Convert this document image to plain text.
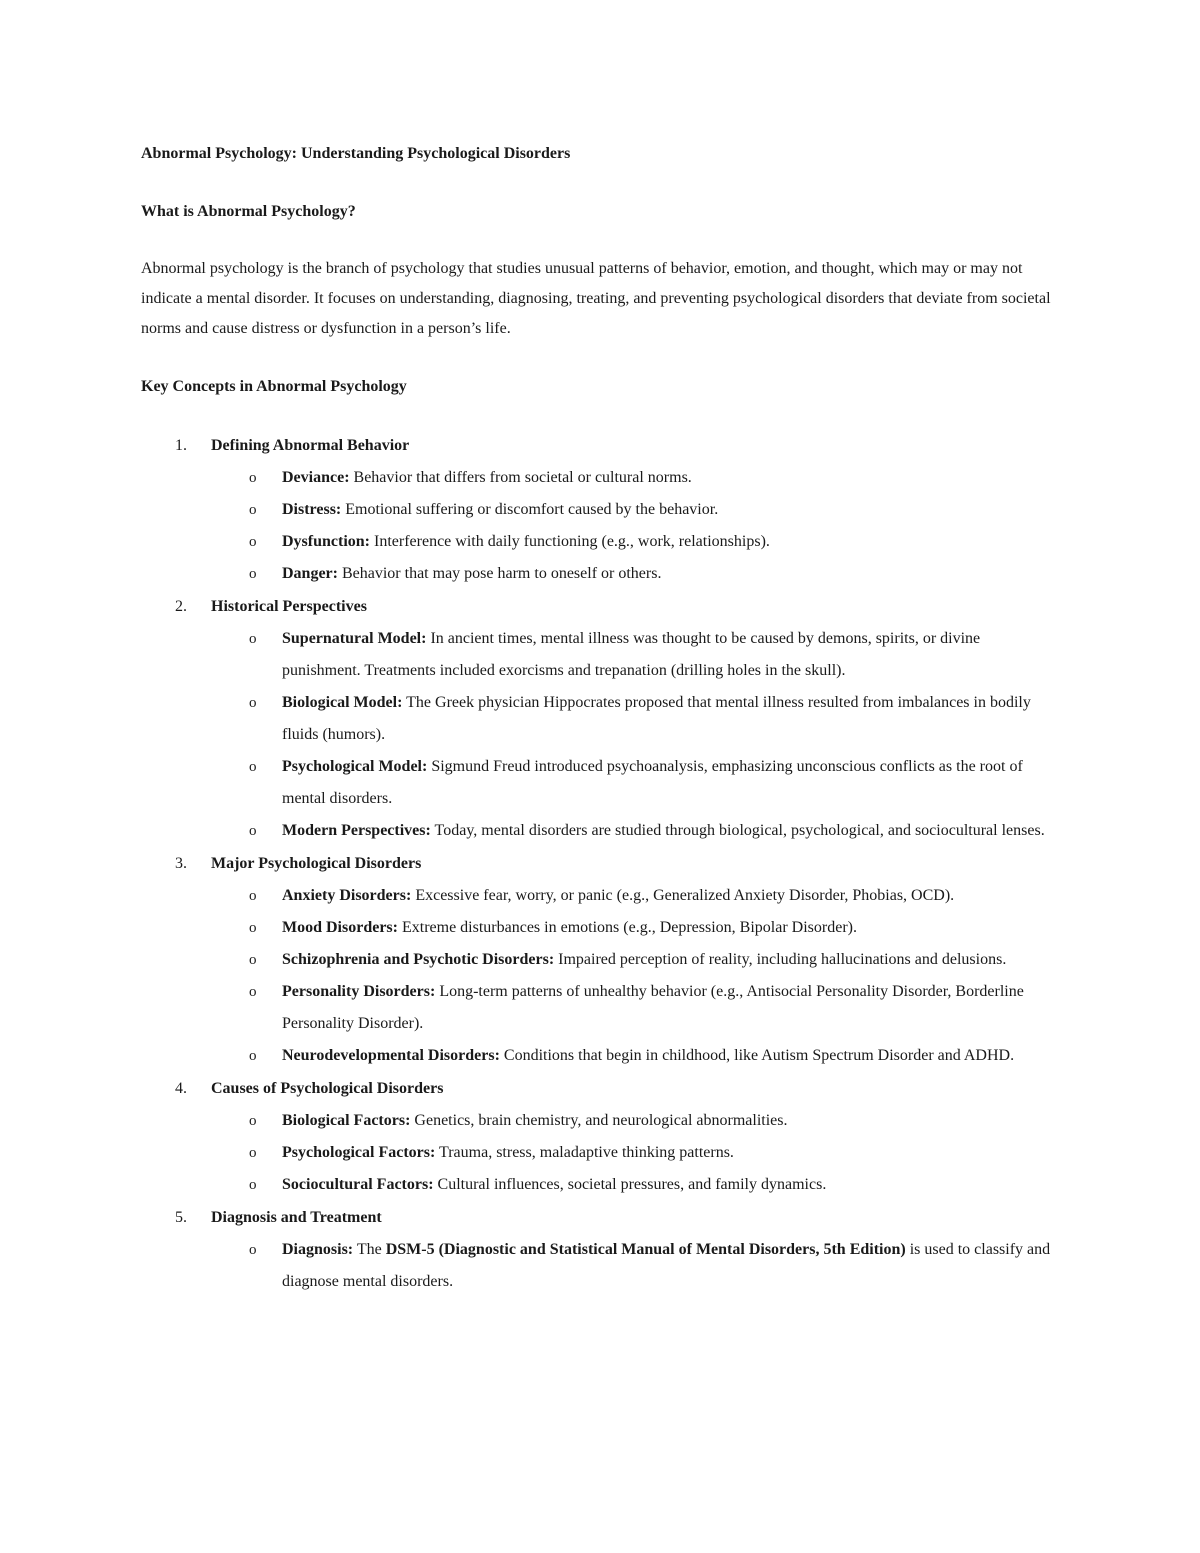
Abnormal Psychology: Understanding Psychological Disorders

What is Abnormal Psychology?

Abnormal psychology is the branch of psychology that studies unusual patterns of behavior, emotion, and thought, which may or may not indicate a mental disorder. It focuses on understanding, diagnosing, treating, and preventing psychological disorders that deviate from societal norms and cause distress or dysfunction in a person’s life.

Key Concepts in Abnormal Psychology

1. Defining Abnormal Behavior
o Deviance: Behavior that differs from societal or cultural norms.
o Distress: Emotional suffering or discomfort caused by the behavior.
o Dysfunction: Interference with daily functioning (e.g., work, relationships).
o Danger: Behavior that may pose harm to oneself or others.
2. Historical Perspectives
o Supernatural Model: In ancient times, mental illness was thought to be caused by demons, spirits, or divine punishment. Treatments included exorcisms and trepanation (drilling holes in the skull).
o Biological Model: The Greek physician Hippocrates proposed that mental illness resulted from imbalances in bodily fluids (humors).
o Psychological Model: Sigmund Freud introduced psychoanalysis, emphasizing unconscious conflicts as the root of mental disorders.
o Modern Perspectives: Today, mental disorders are studied through biological, psychological, and sociocultural lenses.
3. Major Psychological Disorders
o Anxiety Disorders: Excessive fear, worry, or panic (e.g., Generalized Anxiety Disorder, Phobias, OCD).
o Mood Disorders: Extreme disturbances in emotions (e.g., Depression, Bipolar Disorder).
o Schizophrenia and Psychotic Disorders: Impaired perception of reality, including hallucinations and delusions.
o Personality Disorders: Long-term patterns of unhealthy behavior (e.g., Antisocial Personality Disorder, Borderline Personality Disorder).
o Neurodevelopmental Disorders: Conditions that begin in childhood, like Autism Spectrum Disorder and ADHD.
4. Causes of Psychological Disorders
o Biological Factors: Genetics, brain chemistry, and neurological abnormalities.
o Psychological Factors: Trauma, stress, maladaptive thinking patterns.
o Sociocultural Factors: Cultural influences, societal pressures, and family dynamics.
5. Diagnosis and Treatment
o Diagnosis: The DSM-5 (Diagnostic and Statistical Manual of Mental Disorders, 5th Edition) is used to classify and diagnose mental disorders.
